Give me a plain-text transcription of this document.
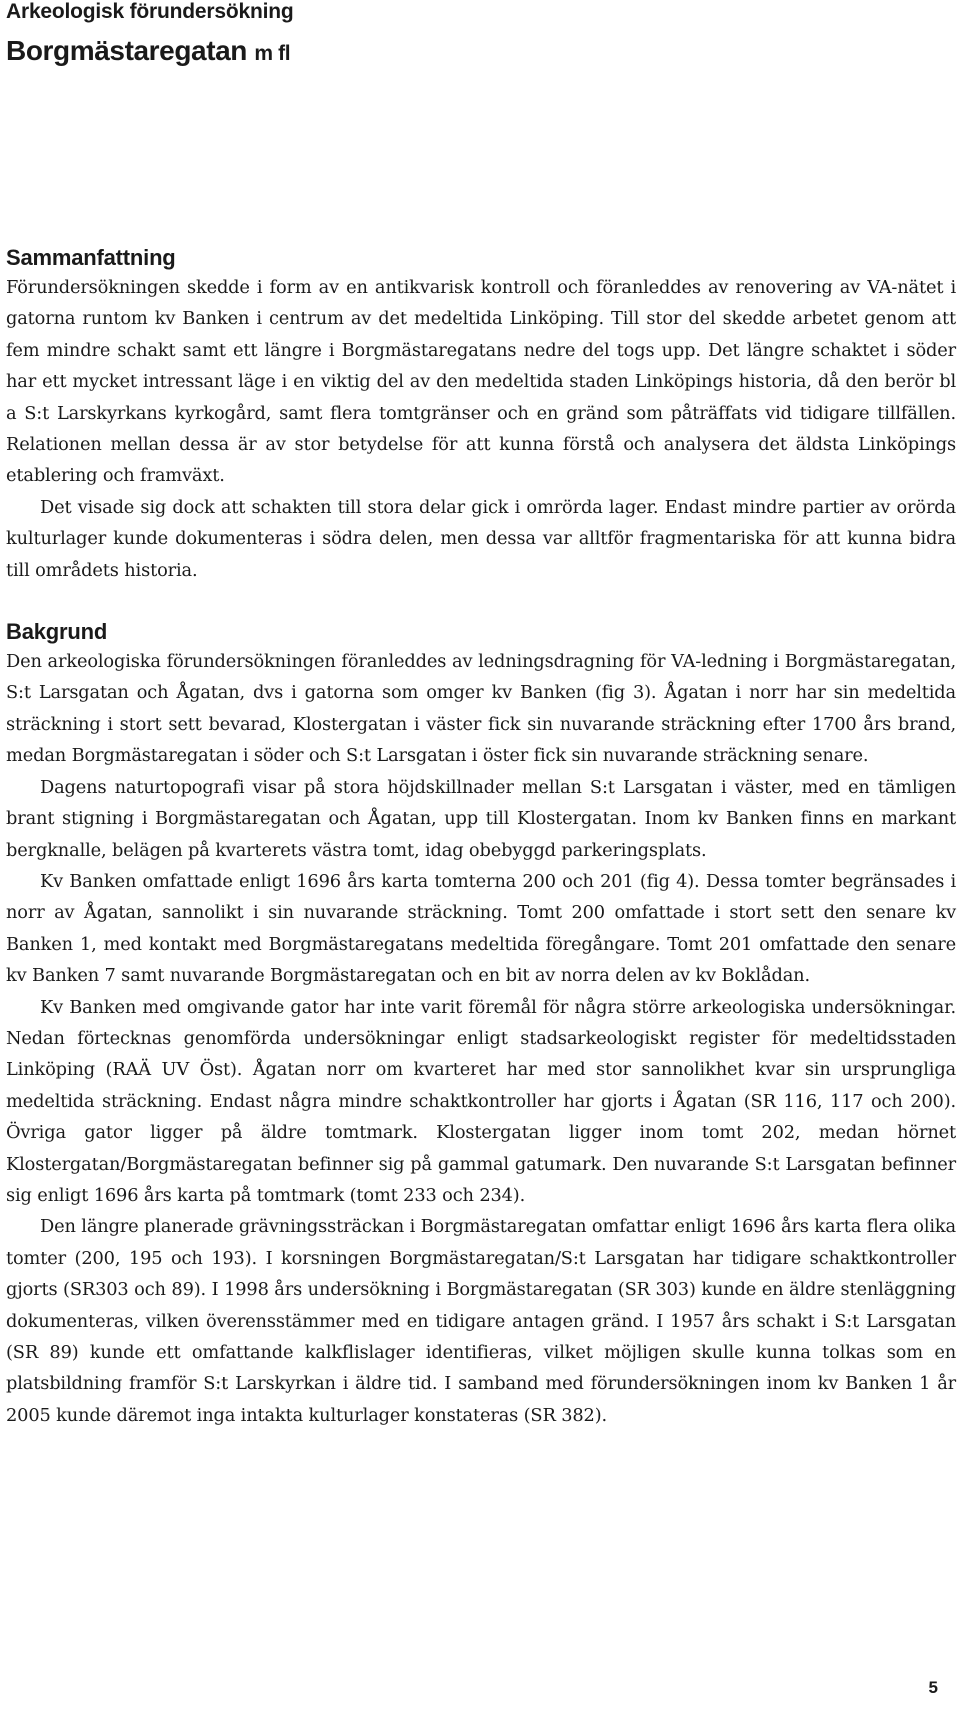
Arkeologisk förundersökning
Borgmästaregatan m fl
Sammanfattning

Förundersökningen skedde i form av en antikvarisk kontroll och föranleddes av renovering av VA-nätet i gatorna runtom kv Banken i centrum av det medeltida Linköping. Till stor del skedde arbetet genom att fem mindre schakt samt ett längre i Borgmästaregatans nedre del togs upp. Det längre schaktet i söder har ett mycket intressant läge i en viktig del av den medeltida staden Linköpings historia, då den berör bl a S:t Larskyrkans kyrkogård, samt flera tomtgränser och en gränd som påträffats vid tidigare tillfällen. Relationen mellan dessa är av stor betydelse för att kunna förstå och analysera det äldsta Linköpings etablering och framväxt.

Det visade sig dock att schakten till stora delar gick i omrörda lager. Endast mindre partier av orörda kulturlager kunde dokumenteras i södra delen, men dessa var alltför fragmentariska för att kunna bidra till områdets historia.

Bakgrund

Den arkeologiska förundersökningen föranleddes av ledningsdragning för VA-ledning i Borgmästaregatan, S:t Larsgatan och Ågatan, dvs i gatorna som omger kv Banken (fig 3). Ågatan i norr har sin medeltida sträckning i stort sett bevarad, Klostergatan i väster fick sin nuvarande sträckning efter 1700 års brand, medan Borgmästaregatan i söder och S:t Larsgatan i öster fick sin nuvarande sträckning senare.

Dagens naturtopografi visar på stora höjdskillnader mellan S:t Larsgatan i väster, med en tämligen brant stigning i Borgmästaregatan och Ågatan, upp till Klostergatan. Inom kv Banken finns en markant bergknalle, belägen på kvarterets västra tomt, idag obebyggd parkeringsplats.

Kv Banken omfattade enligt 1696 års karta tomterna 200 och 201 (fig 4). Dessa tomter begränsades i norr av Ågatan, sannolikt i sin nuvarande sträckning. Tomt 200 omfattade i stort sett den senare kv Banken 1, med kontakt med Borgmästaregatans medeltida föregångare. Tomt 201 omfattade den senare kv Banken 7 samt nuvarande Borgmästaregatan och en bit av norra delen av kv Boklådan.

Kv Banken med omgivande gator har inte varit föremål för några större arkeologiska undersökningar. Nedan förtecknas genomförda undersökningar enligt stadsarkeologiskt register för medeltidsstaden Linköping (RAÄ UV Öst). Ågatan norr om kvarteret har med stor sannolikhet kvar sin ursprungliga medeltida sträckning. Endast några mindre schaktkontroller har gjorts i Ågatan (SR 116, 117 och 200). Övriga gator ligger på äldre tomtmark. Klostergatan ligger inom tomt 202, medan hörnet Klostergatan/Borgmästaregatan befinner sig på gammal gatumark. Den nuvarande S:t Larsgatan befinner sig enligt 1696 års karta på tomtmark (tomt 233 och 234).

Den längre planerade grävningssträckan i Borgmästaregatan omfattar enligt 1696 års karta flera olika tomter (200, 195 och 193). I korsningen Borgmästaregatan/S:t Larsgatan har tidigare schaktkontroller gjorts (SR303 och 89). I 1998 års undersökning i Borgmästaregatan (SR 303) kunde en äldre stenläggning dokumenteras, vilken överensstämmer med en tidigare antagen gränd. I 1957 års schakt i S:t Larsgatan (SR 89) kunde ett omfattande kalkflislager identifieras, vilket möjligen skulle kunna tolkas som en platsbildning framför S:t Larskyrkan i äldre tid. I samband med förundersökningen inom kv Banken 1 år 2005 kunde däremot inga intakta kulturlager konstateras (SR 382).

5
